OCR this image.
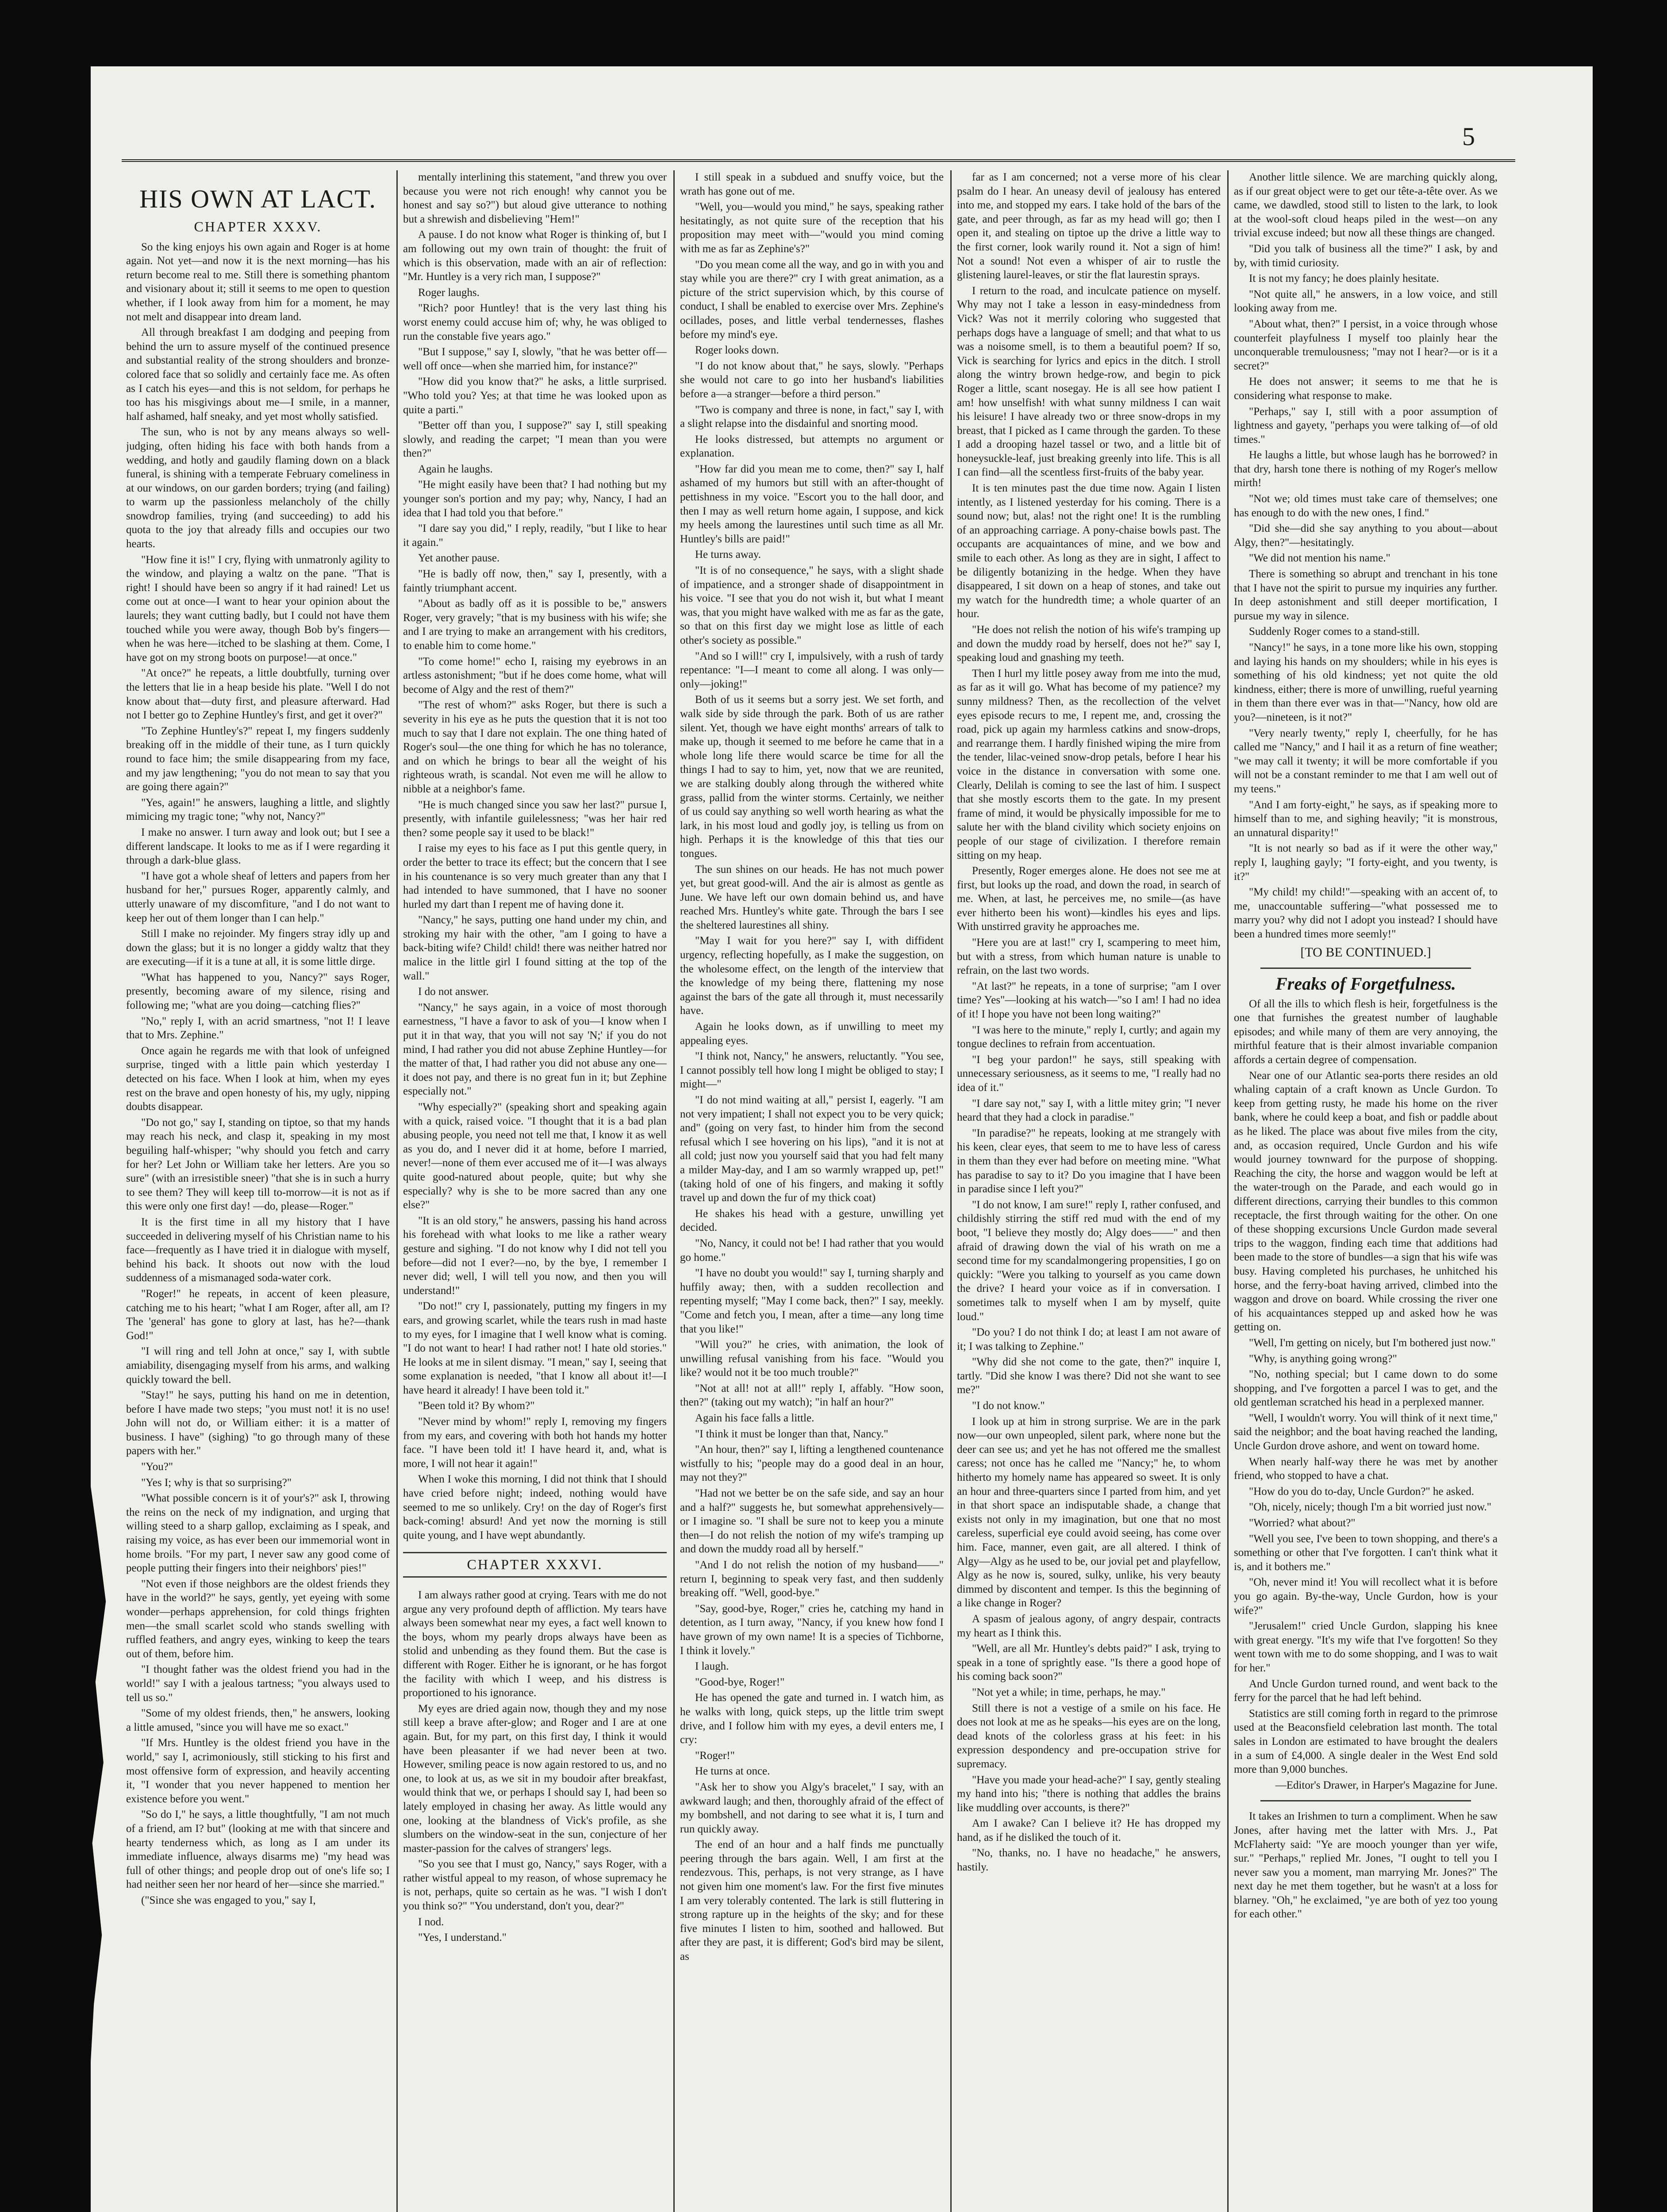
5
HIS OWN AT LACT.
CHAPTER XXXV.

So the king enjoys his own again and Roger is at home again. Not yet—and now it is the next morning—has his return become real to me. Still there is something phantom and visionary about it; still it seems to me open to question whether, if I look away from him for a moment, he may not melt and disappear into dream land.

All through breakfast I am dodging and peeping from behind the urn to assure myself of the continued presence and substantial reality of the strong shoulders and bronze-colored face that so solidly and certainly face me. As often as I catch his eyes—and this is not seldom, for perhaps he too has his misgivings about me—I smile, in a manner, half ashamed, half sneaky, and yet most wholly satisfied.

The sun, who is not by any means always so well-judging, often hiding his face with both hands from a wedding, and hotly and gaudily flaming down on a black funeral, is shining with a temperate February comeliness in at our windows, on our garden borders; trying (and failing) to warm up the passionless melancholy of the chilly snowdrop families, trying (and succeeding) to add his quota to the joy that already fills and occupies our two hearts.

"How fine it is!" I cry, flying with unmatronly agility to the window, and playing a waltz on the pane. "That is right! I should have been so angry if it had rained! Let us come out at once—I want to hear your opinion about the laurels; they want cutting badly, but I could not have them touched while you were away, though Bob by's fingers—when he was here—itched to be slashing at them. Come, I have got on my strong boots on purpose!—at once."

"At once?" he repeats, a little doubtfully, turning over the letters that lie in a heap beside his plate. "Well I do not know about that—duty first, and pleasure afterward. Had not I better go to Zephine Huntley's first, and get it over?"

"To Zephine Huntley's?" repeat I, my fingers suddenly breaking off in the middle of their tune, as I turn quickly round to face him; the smile disappearing from my face, and my jaw lengthening; "you do not mean to say that you are going there again?"

"Yes, again!" he answers, laughing a little, and slightly mimicing my tragic tone; "why not, Nancy?"

I make no answer. I turn away and look out; but I see a different landscape. It looks to me as if I were regarding it through a dark-blue glass.

"I have got a whole sheaf of letters and papers from her husband for her," pursues Roger, apparently calmly, and utterly unaware of my discomfiture, "and I do not want to keep her out of them longer than I can help."

Still I make no rejoinder. My fingers stray idly up and down the glass; but it is no longer a giddy waltz that they are executing—if it is a tune at all, it is some little dirge.

"What has happened to you, Nancy?" says Roger, presently, becoming aware of my silence, rising and following me; "what are you doing—catching flies?"

"No," reply I, with an acrid smartness, "not I! I leave that to Mrs. Zephine."

Once again he regards me with that look of unfeigned surprise, tinged with a little pain which yesterday I detected on his face. When I look at him, when my eyes rest on the brave and open honesty of his, my ugly, nipping doubts disappear.

"Do not go," say I, standing on tiptoe, so that my hands may reach his neck, and clasp it, speaking in my most beguiling half-whisper; "why should you fetch and carry for her? Let John or William take her letters. Are you so sure" (with an irresistible sneer) "that she is in such a hurry to see them? They will keep till to-morrow—it is not as if this were only one first day! —do, please—Roger."

It is the first time in all my history that I have succeeded in delivering myself of his Christian name to his face—frequently as I have tried it in dialogue with myself, behind his back. It shoots out now with the loud suddenness of a mismanaged soda-water cork.

"Roger!" he repeats, in accent of keen pleasure, catching me to his heart; "what I am Roger, after all, am I? The 'general' has gone to glory at last, has he?—thank God!"

"I will ring and tell John at once," say I, with subtle amiability, disengaging myself from his arms, and walking quickly toward the bell.

"Stay!" he says, putting his hand on me in detention, before I have made two steps; "you must not! it is no use! John will not do, or William either: it is a matter of business. I have" (sighing) "to go through many of these papers with her."

"You?"

"Yes I; why is that so surprising?"

"What possible concern is it of your's?" ask I, throwing the reins on the neck of my indignation, and urging that willing steed to a sharp gallop, exclaiming as I speak, and raising my voice, as has ever been our immemorial wont in home broils. "For my part, I never saw any good come of people putting their fingers into their neighbors' pies!"

"Not even if those neighbors are the oldest friends they have in the world?" he says, gently, yet eyeing with some wonder—perhaps apprehension, for cold things frighten men—the small scarlet scold who stands swelling with ruffled feathers, and angry eyes, winking to keep the tears out of them, before him.

"I thought father was the oldest friend you had in the world!" say I with a jealous tartness; "you always used to tell us so."

"Some of my oldest friends, then," he answers, looking a little amused, "since you will have me so exact."

"If Mrs. Huntley is the oldest friend you have in the world," say I, acrimoniously, still sticking to his first and most offensive form of expression, and heavily accenting it, "I wonder that you never happened to mention her existence before you went."

"So do I," he says, a little thoughtfully, "I am not much of a friend, am I? but" (looking at me with that sincere and hearty tenderness which, as long as I am under its immediate influence, always disarms me) "my head was full of other things; and people drop out of one's life so; I had neither seen her nor heard of her—since she married."

("Since she was engaged to you," say I,

mentally interlining this statement, "and threw you over because you were not rich enough! why cannot you be honest and say so?") but aloud give utterance to nothing but a shrewish and disbelieving "Hem!"

A pause. I do not know what Roger is thinking of, but I am following out my own train of thought: the fruit of which is this observation, made with an air of reflection: "Mr. Huntley is a very rich man, I suppose?"

Roger laughs.

"Rich? poor Huntley! that is the very last thing his worst enemy could accuse him of; why, he was obliged to run the constable five years ago."

"But I suppose," say I, slowly, "that he was better off—well off once—when she married him, for instance?"

"How did you know that?" he asks, a little surprised. "Who told you? Yes; at that time he was looked upon as quite a parti."

"Better off than you, I suppose?" say I, still speaking slowly, and reading the carpet; "I mean than you were then?"

Again he laughs.

"He might easily have been that? I had nothing but my younger son's portion and my pay; why, Nancy, I had an idea that I had told you that before."

"I dare say you did," I reply, readily, "but I like to hear it again."

Yet another pause.

"He is badly off now, then," say I, presently, with a faintly triumphant accent.

"About as badly off as it is possible to be," answers Roger, very gravely; "that is my business with his wife; she and I are trying to make an arrangement with his creditors, to enable him to come home."

"To come home!" echo I, raising my eyebrows in an artless astonishment; "but if he does come home, what will become of Algy and the rest of them?"

"The rest of whom?" asks Roger, but there is such a severity in his eye as he puts the question that it is not too much to say that I dare not explain. The one thing hated of Roger's soul—the one thing for which he has no tolerance, and on which he brings to bear all the weight of his righteous wrath, is scandal. Not even me will he allow to nibble at a neighbor's fame.

"He is much changed since you saw her last?" pursue I, presently, with infantile guilelessness; "was her hair red then? some people say it used to be black!"

I raise my eyes to his face as I put this gentle query, in order the better to trace its effect; but the concern that I see in his countenance is so very much greater than any that I had intended to have summoned, that I have no sooner hurled my dart than I repent me of having done it.

"Nancy," he says, putting one hand under my chin, and stroking my hair with the other, "am I going to have a back-biting wife? Child! child! there was neither hatred nor malice in the little girl I found sitting at the top of the wall."

I do not answer.

"Nancy," he says again, in a voice of most thorough earnestness, "I have a favor to ask of you—I know when I put it in that way, that you will not say 'N;' if you do not mind, I had rather you did not abuse Zephine Huntley—for the matter of that, I had rather you did not abuse any one—it does not pay, and there is no great fun in it; but Zephine especially not."

"Why especially?" (speaking short and speaking again with a quick, raised voice. "I thought that it is a bad plan abusing people, you need not tell me that, I know it as well as you do, and I never did it at home, before I married, never!—none of them ever accused me of it—I was always quite good-natured about people, quite; but why she especially? why is she to be more sacred than any one else?"

"It is an old story," he answers, passing his hand across his forehead with what looks to me like a rather weary gesture and sighing. "I do not know why I did not tell you before—did not I ever?—no, by the bye, I remember I never did; well, I will tell you now, and then you will understand!"

"Do not!" cry I, passionately, putting my fingers in my ears, and growing scarlet, while the tears rush in mad haste to my eyes, for I imagine that I well know what is coming. "I do not want to hear! I had rather not! I hate old stories." He looks at me in silent dismay. "I mean," say I, seeing that some explanation is needed, "that I know all about it!—I have heard it already! I have been told it."

"Been told it? By whom?"

"Never mind by whom!" reply I, removing my fingers from my ears, and covering with both hot hands my hotter face. "I have been told it! I have heard it, and, what is more, I will not hear it again!"

When I woke this morning, I did not think that I should have cried before night; indeed, nothing would have seemed to me so unlikely. Cry! on the day of Roger's first back-coming! absurd! And yet now the morning is still quite young, and I have wept abundantly.

CHAPTER XXXVI.

I am always rather good at crying. Tears with me do not argue any very profound depth of affliction. My tears have always been somewhat near my eyes, a fact well known to the boys, whom my pearly drops always have been as stolid and unbending as they found them. But the case is different with Roger. Either he is ignorant, or he has forgot the facility with which I weep, and his distress is proportioned to his ignorance.

My eyes are dried again now, though they and my nose still keep a brave after-glow; and Roger and I are at one again. But, for my part, on this first day, I think it would have been pleasanter if we had never been at two. However, smiling peace is now again restored to us, and no one, to look at us, as we sit in my boudoir after breakfast, would think that we, or perhaps I should say I, had been so lately employed in chasing her away. As little would any one, looking at the blandness of Vick's profile, as she slumbers on the window-seat in the sun, conjecture of her master-passion for the calves of strangers' legs.

"So you see that I must go, Nancy," says Roger, with a rather wistful appeal to my reason, of whose supremacy he is not, perhaps, quite so certain as he was. "I wish I don't you think so?" "You understand, don't you, dear?"

I nod.

"Yes, I understand."

I still speak in a subdued and snuffy voice, but the wrath has gone out of me.

"Well, you—would you mind," he says, speaking rather hesitatingly, as not quite sure of the reception that his proposition may meet with—"would you mind coming with me as far as Zephine's?"

"Do you mean come all the way, and go in with you and stay while you are there?" cry I with great animation, as a picture of the strict supervision which, by this course of conduct, I shall be enabled to exercise over Mrs. Zephine's ocillades, poses, and little verbal tendernesses, flashes before my mind's eye.

Roger looks down.

"I do not know about that," he says, slowly. "Perhaps she would not care to go into her husband's liabilities before a—a stranger—before a third person."

"Two is company and three is none, in fact," say I, with a slight relapse into the disdainful and snorting mood.

He looks distressed, but attempts no argument or explanation.

"How far did you mean me to come, then?" say I, half ashamed of my humors but still with an after-thought of pettishness in my voice. "Escort you to the hall door, and then I may as well return home again, I suppose, and kick my heels among the laurestines until such time as all Mr. Huntley's bills are paid!"

He turns away.

"It is of no consequence," he says, with a slight shade of impatience, and a stronger shade of disappointment in his voice. "I see that you do not wish it, but what I meant was, that you might have walked with me as far as the gate, so that on this first day we might lose as little of each other's society as possible."

"And so I will!" cry I, impulsively, with a rush of tardy repentance: "I—I meant to come all along. I was only—only—joking!"

Both of us it seems but a sorry jest. We set forth, and walk side by side through the park. Both of us are rather silent. Yet, though we have eight months' arrears of talk to make up, though it seemed to me before he came that in a whole long life there would scarce be time for all the things I had to say to him, yet, now that we are reunited, we are stalking doubly along through the withered white grass, pallid from the winter storms. Certainly, we neither of us could say anything so well worth hearing as what the lark, in his most loud and godly joy, is telling us from on high. Perhaps it is the knowledge of this that ties our tongues.

The sun shines on our heads. He has not much power yet, but great good-will. And the air is almost as gentle as June. We have left our own domain behind us, and have reached Mrs. Huntley's white gate. Through the bars I see the sheltered laurestines all shiny.

"May I wait for you here?" say I, with diffident urgency, reflecting hopefully, as I make the suggestion, on the wholesome effect, on the length of the interview that the knowledge of my being there, flattening my nose against the bars of the gate all through it, must necessarily have.

Again he looks down, as if unwilling to meet my appealing eyes.

"I think not, Nancy," he answers, reluctantly. "You see, I cannot possibly tell how long I might be obliged to stay; I might—"

"I do not mind waiting at all," persist I, eagerly. "I am not very impatient; I shall not expect you to be very quick; and" (going on very fast, to hinder him from the second refusal which I see hovering on his lips), "and it is not at all cold; just now you yourself said that you had felt many a milder May-day, and I am so warmly wrapped up, pet!" (taking hold of one of his fingers, and making it softly travel up and down the fur of my thick coat)

He shakes his head with a gesture, unwilling yet decided.

"No, Nancy, it could not be! I had rather that you would go home."

"I have no doubt you would!" say I, turning sharply and huffily away; then, with a sudden recollection and repenting myself; "May I come back, then?" I say, meekly. "Come and fetch you, I mean, after a time—any long time that you like!"

"Will you?" he cries, with animation, the look of unwilling refusal vanishing from his face. "Would you like? would not it be too much trouble?"

"Not at all! not at all!" reply I, affably. "How soon, then?" (taking out my watch); "in half an hour?"

Again his face falls a little.

"I think it must be longer than that, Nancy."

"An hour, then?" say I, lifting a lengthened countenance wistfully to his; "people may do a good deal in an hour, may not they?"

"Had not we better be on the safe side, and say an hour and a half?" suggests he, but somewhat apprehensively—or I imagine so. "I shall be sure not to keep you a minute then—I do not relish the notion of my wife's tramping up and down the muddy road all by herself."

"And I do not relish the notion of my husband——" return I, beginning to speak very fast, and then suddenly breaking off. "Well, good-bye."

"Say, good-bye, Roger," cries he, catching my hand in detention, as I turn away, "Nancy, if you knew how fond I have grown of my own name! It is a species of Tichborne, I think it lovely."

I laugh.

"Good-bye, Roger!"

He has opened the gate and turned in. I watch him, as he walks with long, quick steps, up the little trim swept drive, and I follow him with my eyes, a devil enters me, I cry:

"Roger!"

He turns at once.

"Ask her to show you Algy's bracelet," I say, with an awkward laugh; and then, thoroughly afraid of the effect of my bombshell, and not daring to see what it is, I turn and run quickly away.

The end of an hour and a half finds me punctually peering through the bars again. Well, I am first at the rendezvous. This, perhaps, is not very strange, as I have not given him one moment's law. For the first five minutes I am very tolerably contented. The lark is still fluttering in strong rapture up in the heights of the sky; and for these five minutes I listen to him, soothed and hallowed. But after they are past, it is different; God's bird may be silent, as

far as I am concerned; not a verse more of his clear psalm do I hear. An uneasy devil of jealousy has entered into me, and stopped my ears. I take hold of the bars of the gate, and peer through, as far as my head will go; then I open it, and stealing on tiptoe up the drive a little way to the first corner, look warily round it. Not a sign of him! Not a sound! Not even a whisper of air to rustle the glistening laurel-leaves, or stir the flat laurestin sprays.

I return to the road, and inculcate patience on myself. Why may not I take a lesson in easy-mindedness from Vick? Was not it merrily coloring who suggested that perhaps dogs have a language of smell; and that what to us was a noisome smell, is to them a beautiful poem? If so, Vick is searching for lyrics and epics in the ditch. I stroll along the wintry brown hedge-row, and begin to pick Roger a little, scant nosegay. He is all see how patient I am! how unselfish! with what sunny mildness I can wait his leisure! I have already two or three snow-drops in my breast, that I picked as I came through the garden. To these I add a drooping hazel tassel or two, and a little bit of honeysuckle-leaf, just breaking greenly into life. This is all I can find—all the scentless first-fruits of the baby year.

It is ten minutes past the due time now. Again I listen intently, as I listened yesterday for his coming. There is a sound now; but, alas! not the right one! It is the rumbling of an approaching carriage. A pony-chaise bowls past. The occupants are acquaintances of mine, and we bow and smile to each other. As long as they are in sight, I affect to be diligently botanizing in the hedge. When they have disappeared, I sit down on a heap of stones, and take out my watch for the hundredth time; a whole quarter of an hour.

"He does not relish the notion of his wife's tramping up and down the muddy road by herself, does not he?" say I, speaking loud and gnashing my teeth.

Then I hurl my little posey away from me into the mud, as far as it will go. What has become of my patience? my sunny mildness? Then, as the recollection of the velvet eyes episode recurs to me, I repent me, and, crossing the road, pick up again my harmless catkins and snow-drops, and rearrange them. I hardly finished wiping the mire from the tender, lilac-veined snow-drop petals, before I hear his voice in the distance in conversation with some one. Clearly, Delilah is coming to see the last of him. I suspect that she mostly escorts them to the gate. In my present frame of mind, it would be physically impossible for me to salute her with the bland civility which society enjoins on people of our stage of civilization. I therefore remain sitting on my heap.

Presently, Roger emerges alone. He does not see me at first, but looks up the road, and down the road, in search of me. When, at last, he perceives me, no smile—(as have ever hitherto been his wont)—kindles his eyes and lips. With unstirred gravity he approaches me.

"Here you are at last!" cry I, scampering to meet him, but with a stress, from which human nature is unable to refrain, on the last two words.

"At last?" he repeats, in a tone of surprise; "am I over time? Yes"—looking at his watch—"so I am! I had no idea of it! I hope you have not been long waiting?"

"I was here to the minute," reply I, curtly; and again my tongue declines to refrain from accentuation.

"I beg your pardon!" he says, still speaking with unnecessary seriousness, as it seems to me, "I really had no idea of it."

"I dare say not," say I, with a little mitey grin; "I never heard that they had a clock in paradise."

"In paradise?" he repeats, looking at me strangely with his keen, clear eyes, that seem to me to have less of caress in them than they ever had before on meeting mine. "What has paradise to say to it? Do you imagine that I have been in paradise since I left you?"

"I do not know, I am sure!" reply I, rather confused, and childishly stirring the stiff red mud with the end of my boot, "I believe they mostly do; Algy does——" and then afraid of drawing down the vial of his wrath on me a second time for my scandalmongering propensities, I go on quickly: "Were you talking to yourself as you came down the drive? I heard your voice as if in conversation. I sometimes talk to myself when I am by myself, quite loud."

"Do you? I do not think I do; at least I am not aware of it; I was talking to Zephine."

"Why did she not come to the gate, then?" inquire I, tartly. "Did she know I was there? Did not she want to see me?"

"I do not know."

I look up at him in strong surprise. We are in the park now—our own unpeopled, silent park, where none but the deer can see us; and yet he has not offered me the smallest caress; not once has he called me "Nancy;" he, to whom hitherto my homely name has appeared so sweet. It is only an hour and three-quarters since I parted from him, and yet in that short space an indisputable shade, a change that exists not only in my imagination, but one that no most careless, superficial eye could avoid seeing, has come over him. Face, manner, even gait, are all altered. I think of Algy—Algy as he used to be, our jovial pet and playfellow, Algy as he now is, soured, sulky, unlike, his very beauty dimmed by discontent and temper. Is this the beginning of a like change in Roger?

A spasm of jealous agony, of angry despair, contracts my heart as I think this.

"Well, are all Mr. Huntley's debts paid?" I ask, trying to speak in a tone of sprightly ease. "Is there a good hope of his coming back soon?"

"Not yet a while; in time, perhaps, he may."

Still there is not a vestige of a smile on his face. He does not look at me as he speaks—his eyes are on the long, dead knots of the colorless grass at his feet: in his expression despondency and pre-occupation strive for supremacy.

"Have you made your head-ache?" I say, gently stealing my hand into his; "there is nothing that addles the brains like muddling over accounts, is there?"

Am I awake? Can I believe it? He has dropped my hand, as if he disliked the touch of it.

"No, thanks, no. I have no headache," he answers, hastily.

Another little silence. We are marching quickly along, as if our great object were to get our tête-a-tête over. As we came, we dawdled, stood still to listen to the lark, to look at the wool-soft cloud heaps piled in the west—on any trivial excuse indeed; but now all these things are changed.

"Did you talk of business all the time?" I ask, by and by, with timid curiosity.

It is not my fancy; he does plainly hesitate.

"Not quite all," he answers, in a low voice, and still looking away from me.

"About what, then?" I persist, in a voice through whose counterfeit playfulness I myself too plainly hear the unconquerable tremulousness; "may not I hear?—or is it a secret?"

He does not answer; it seems to me that he is considering what response to make.

"Perhaps," say I, still with a poor assumption of lightness and gayety, "perhaps you were talking of—of old times."

He laughs a little, but whose laugh has he borrowed? in that dry, harsh tone there is nothing of my Roger's mellow mirth!

"Not we; old times must take care of themselves; one has enough to do with the new ones, I find."

"Did she—did she say anything to you about—about Algy, then?"—hesitatingly.

"We did not mention his name."

There is something so abrupt and trenchant in his tone that I have not the spirit to pursue my inquiries any further. In deep astonishment and still deeper mortification, I pursue my way in silence.

Suddenly Roger comes to a stand-still.

"Nancy!" he says, in a tone more like his own, stopping and laying his hands on my shoulders; while in his eyes is something of his old kindness; yet not quite the old kindness, either; there is more of unwilling, rueful yearning in them than there ever was in that—"Nancy, how old are you?—nineteen, is it not?"

"Very nearly twenty," reply I, cheerfully, for he has called me "Nancy," and I hail it as a return of fine weather; "we may call it twenty; it will be more comfortable if you will not be a constant reminder to me that I am well out of my teens."

"And I am forty-eight," he says, as if speaking more to himself than to me, and sighing heavily; "it is monstrous, an unnatural disparity!"

"It is not nearly so bad as if it were the other way," reply I, laughing gayly; "I forty-eight, and you twenty, is it?"

"My child! my child!"—speaking with an accent of, to me, unaccountable suffering—"what possessed me to marry you? why did not I adopt you instead? I should have been a hundred times more seemly!"

[TO BE CONTINUED.]
Freaks of Forgetfulness.

Of all the ills to which flesh is heir, forgetfulness is the one that furnishes the greatest number of laughable episodes; and while many of them are very annoying, the mirthful feature that is their almost invariable companion affords a certain degree of compensation.

Near one of our Atlantic sea-ports there resides an old whaling captain of a craft known as Uncle Gurdon. To keep from getting rusty, he made his home on the river bank, where he could keep a boat, and fish or paddle about as he liked. The place was about five miles from the city, and, as occasion required, Uncle Gurdon and his wife would journey townward for the purpose of shopping. Reaching the city, the horse and waggon would be left at the water-trough on the Parade, and each would go in different directions, carrying their bundles to this common receptacle, the first through waiting for the other. On one of these shopping excursions Uncle Gurdon made several trips to the waggon, finding each time that additions had been made to the store of bundles—a sign that his wife was busy. Having completed his purchases, he unhitched his horse, and the ferry-boat having arrived, climbed into the waggon and drove on board. While crossing the river one of his acquaintances stepped up and asked how he was getting on.

"Well, I'm getting on nicely, but I'm bothered just now."

"Why, is anything going wrong?"

"No, nothing special; but I came down to do some shopping, and I've forgotten a parcel I was to get, and the old gentleman scratched his head in a perplexed manner.

"Well, I wouldn't worry. You will think of it next time," said the neighbor; and the boat having reached the landing, Uncle Gurdon drove ashore, and went on toward home.

When nearly half-way there he was met by another friend, who stopped to have a chat.

"How do you do to-day, Uncle Gurdon?" he asked.

"Oh, nicely, nicely; though I'm a bit worried just now."

"Worried? what about?"

"Well you see, I've been to town shopping, and there's a something or other that I've forgotten. I can't think what it is, and it bothers me."

"Oh, never mind it! You will recollect what it is before you go again. By-the-way, Uncle Gurdon, how is your wife?"

"Jerusalem!" cried Uncle Gurdon, slapping his knee with great energy. "It's my wife that I've forgotten! So they went town with me to do some shopping, and I was to wait for her."

And Uncle Gurdon turned round, and went back to the ferry for the parcel that he had left behind.

Statistics are still coming forth in regard to the primrose used at the Beaconsfield celebration last month. The total sales in London are estimated to have brought the dealers in a sum of £4,000. A single dealer in the West End sold more than 9,000 bunches.

—Editor's Drawer, in Harper's Magazine for June.

It takes an Irishmen to turn a compliment. When he saw Jones, after having met the latter with Mrs. J., Pat McFlaherty said: "Ye are mooch younger than yer wife, sur." "Perhaps," replied Mr. Jones, "I ought to tell you I never saw you a moment, man marrying Mr. Jones?" The next day he met them together, but he wasn't at a loss for blarney. "Oh," he exclaimed, "ye are both of yez too young for each other."
